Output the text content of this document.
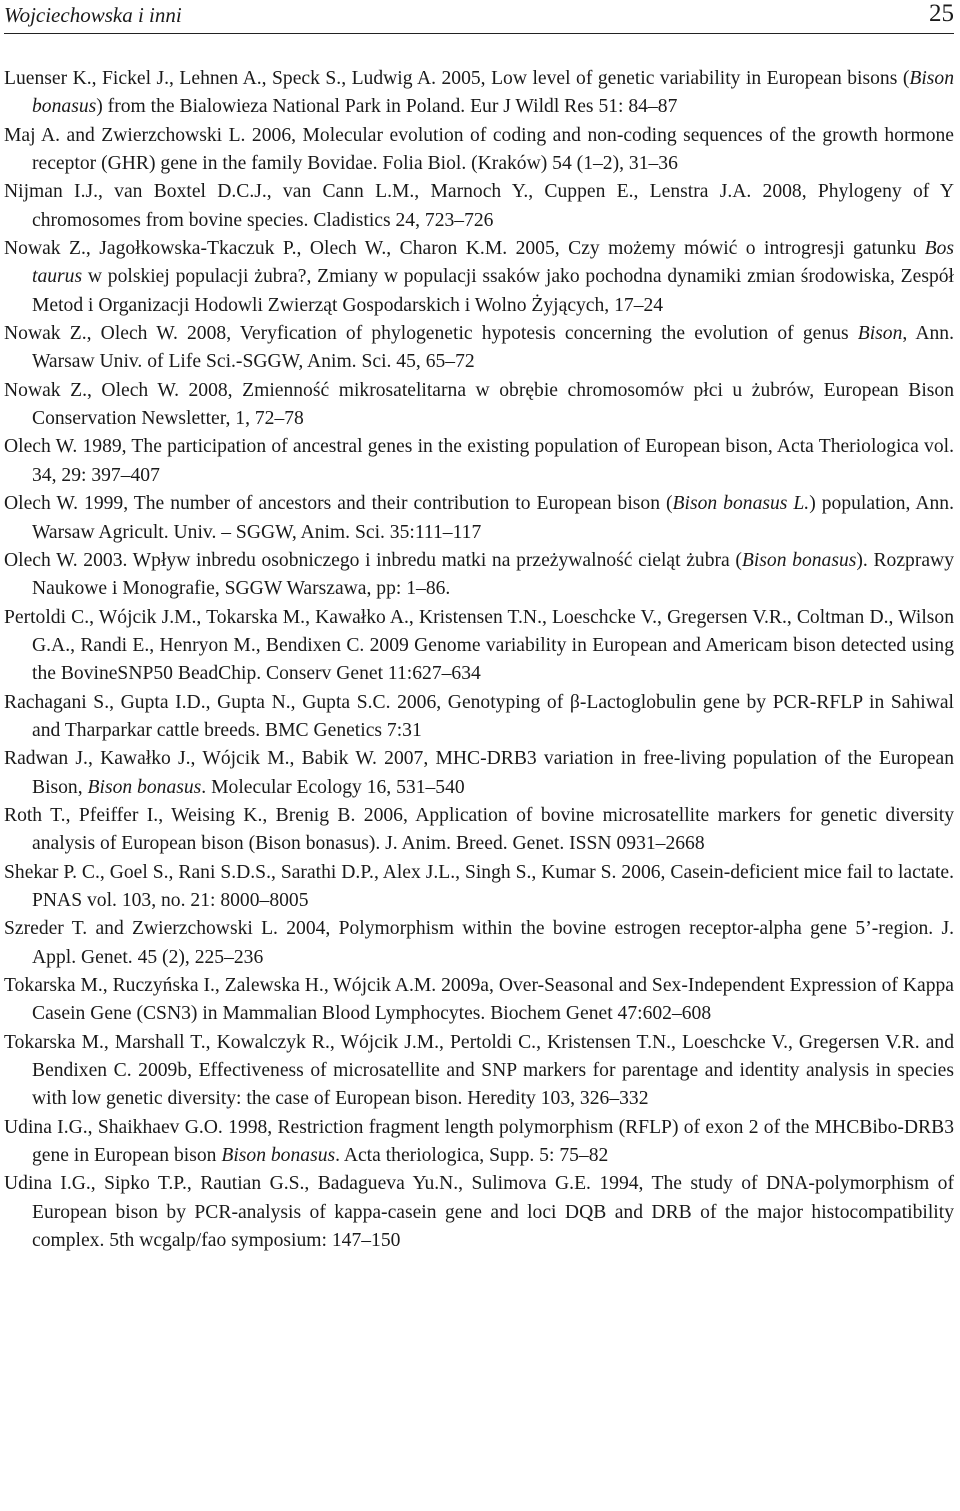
Wojciechowska i inni	25

Luenser K., Fickel J., Lehnen A., Speck S., Ludwig A. 2005, Low level of genetic variability in European bisons (Bison bonasus) from the Bialowieza National Park in Poland. Eur J Wildl Res 51: 84–87

Maj A. and Zwierzchowski L. 2006, Molecular evolution of coding and non-coding sequences of the growth hormone receptor (GHR) gene in the family Bovidae. Folia Biol. (Kraków) 54 (1–2), 31–36

Nijman I.J., van Boxtel D.C.J., van Cann L.M., Marnoch Y., Cuppen E., Lenstra J.A. 2008, Phylogeny of Y chromosomes from bovine species. Cladistics 24, 723–726

Nowak Z., Jagołkowska-Tkaczuk P., Olech W., Charon K.M. 2005, Czy możemy mówić o introgresji gatunku Bos taurus w polskiej populacji żubra?, Zmiany w populacji ssaków jako pochodna dynamiki zmian środowiska, Zespół Metod i Organizacji Hodowli Zwierząt Gospodarskich i Wolno Żyjących, 17–24

Nowak Z., Olech W. 2008, Veryfication of phylogenetic hypotesis concerning the evolution of genus Bison, Ann. Warsaw Univ. of Life Sci.-SGGW, Anim. Sci. 45, 65–72

Nowak Z., Olech W. 2008, Zmienność mikrosatelitarna w obrębie chromosomów płci u żubrów, European Bison Conservation Newsletter, 1, 72–78

Olech W. 1989, The participation of ancestral genes in the existing population of European bison, Acta Theriologica vol. 34, 29: 397–407

Olech W. 1999, The number of ancestors and their contribution to European bison (Bison bonasus L.) population, Ann. Warsaw Agricult. Univ. – SGGW, Anim. Sci. 35:111–117

Olech W. 2003. Wpływ inbredu osobniczego i inbredu matki na przeżywalność cieląt żubra (Bison bonasus). Rozprawy Naukowe i Monografie, SGGW Warszawa, pp: 1–86.

Pertoldi C., Wójcik J.M., Tokarska M., Kawałko A., Kristensen T.N., Loeschcke V., Gregersen V.R., Coltman D., Wilson G.A., Randi E., Henryon M., Bendixen C. 2009 Genome variability in European and Americam bison detected using the BovineSNP50 BeadChip. Conserv Genet 11:627–634

Rachagani S., Gupta I.D., Gupta N., Gupta S.C. 2006, Genotyping of β-Lactoglobulin gene by PCR-RFLP in Sahiwal and Tharparkar cattle breeds. BMC Genetics 7:31

Radwan J., Kawałko J., Wójcik M., Babik W. 2007, MHC-DRB3 variation in free-living population of the European Bison, Bison bonasus. Molecular Ecology 16, 531–540

Roth T., Pfeiffer I., Weising K., Brenig B. 2006, Application of bovine microsatellite markers for genetic diversity analysis of European bison (Bison bonasus). J. Anim. Breed. Genet. ISSN 0931–2668

Shekar P. C., Goel S., Rani S.D.S., Sarathi D.P., Alex J.L., Singh S., Kumar S. 2006, Casein-deficient mice fail to lactate. PNAS vol. 103, no. 21: 8000–8005

Szreder T. and Zwierzchowski L. 2004, Polymorphism within the bovine estrogen receptor-alpha gene 5’-region. J. Appl. Genet. 45 (2), 225–236

Tokarska M., Ruczyńska I., Zalewska H., Wójcik A.M. 2009a, Over-Seasonal and Sex-Independent Expression of Kappa Casein Gene (CSN3) in Mammalian Blood Lymphocytes. Biochem Genet 47:602–608

Tokarska M., Marshall T., Kowalczyk R., Wójcik J.M., Pertoldi C., Kristensen T.N., Loeschcke V., Gregersen V.R. and Bendixen C. 2009b, Effectiveness of microsatellite and SNP markers for parentage and identity analysis in species with low genetic diversity: the case of European bison. Heredity 103, 326–332

Udina I.G., Shaikhaev G.O. 1998, Restriction fragment length polymorphism (RFLP) of exon 2 of the MHCBibo-DRB3 gene in European bison Bison bonasus. Acta theriologica, Supp. 5: 75–82

Udina I.G., Sipko T.P., Rautian G.S., Badagueva Yu.N., Sulimova G.E. 1994, The study of DNA-polymorphism of European bison by PCR-analysis of kappa-casein gene and loci DQB and DRB of the major histocompatibility complex. 5th wcgalp/fao symposium: 147–150
